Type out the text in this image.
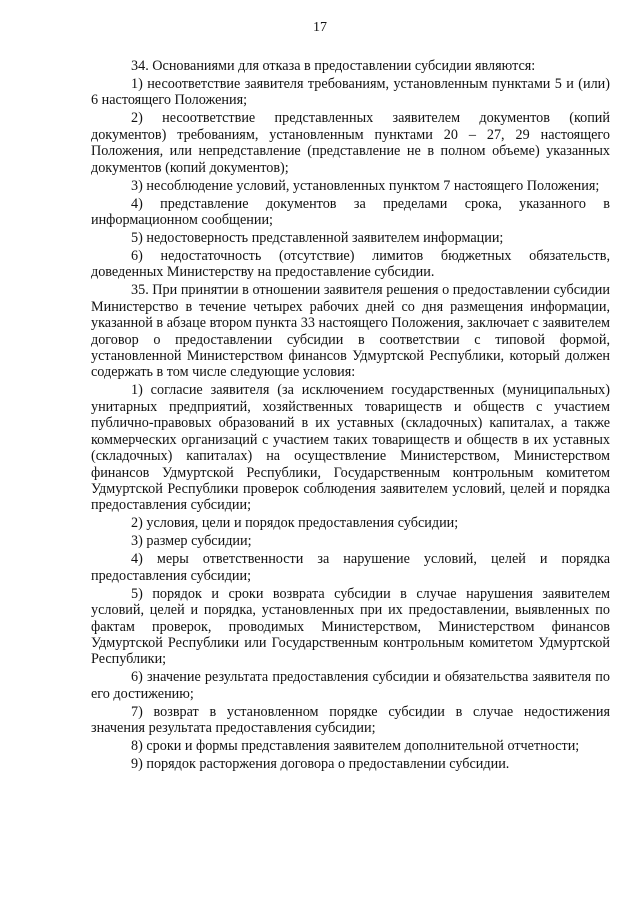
17

34. Основаниями для отказа в предоставлении субсидии являются:

1) несоответствие заявителя требованиям, установленным пунктами 5 и (или) 6 настоящего Положения;

2) несоответствие представленных заявителем документов (копий документов) требованиям, установленным пунктами 20 – 27, 29 настоящего Положения, или непредставление (представление не в полном объеме) указанных документов (копий документов);

3) несоблюдение условий, установленных пунктом 7 настоящего Положения;

4) представление документов за пределами срока, указанного в информационном сообщении;

5) недостоверность представленной заявителем информации;

6) недостаточность (отсутствие) лимитов бюджетных обязательств, доведенных Министерству на предоставление субсидии.

35. При принятии в отношении заявителя решения о предоставлении субсидии Министерство в течение четырех рабочих дней со дня размещения информации, указанной в абзаце втором пункта 33 настоящего Положения, заключает с заявителем договор о предоставлении субсидии в соответствии с типовой формой, установленной Министерством финансов Удмуртской Республики, который должен содержать в том числе следующие условия:

1) согласие заявителя (за исключением государственных (муниципальных) унитарных предприятий, хозяйственных товариществ и обществ с участием публично-правовых образований в их уставных (складочных) капиталах, а также коммерческих организаций с участием таких товариществ и обществ в их уставных (складочных) капиталах) на осуществление Министерством, Министерством финансов Удмуртской Республики, Государственным контрольным комитетом Удмуртской Республики проверок соблюдения заявителем условий, целей и порядка предоставления субсидии;

2) условия, цели и порядок предоставления субсидии;

3) размер субсидии;

4) меры ответственности за нарушение условий, целей и порядка предоставления субсидии;

5) порядок и сроки возврата субсидии в случае нарушения заявителем условий, целей и порядка, установленных при их предоставлении, выявленных по фактам проверок, проводимых Министерством, Министерством финансов Удмуртской Республики или Государственным контрольным комитетом Удмуртской Республики;

6) значение результата предоставления субсидии и обязательства заявителя по его достижению;

7) возврат в установленном порядке субсидии в случае недостижения значения результата предоставления субсидии;

8) сроки и формы представления заявителем дополнительной отчетности;

9) порядок расторжения договора о предоставлении субсидии.
